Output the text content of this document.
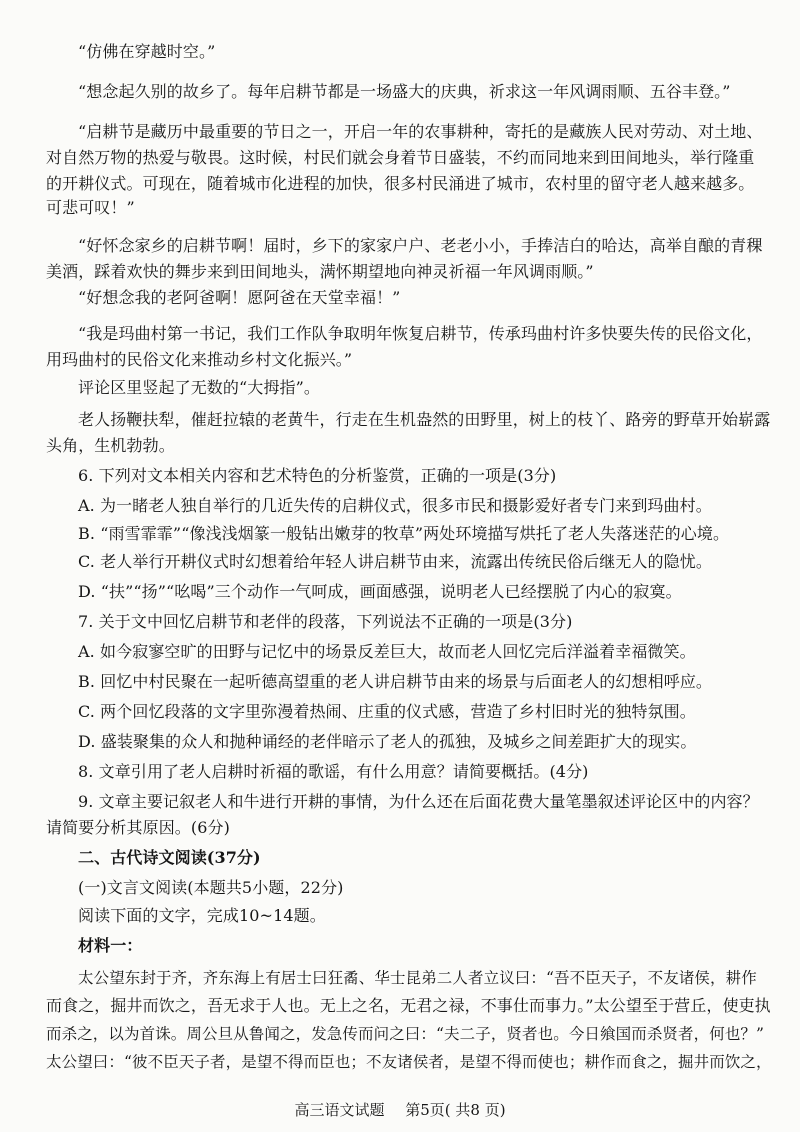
“仿佛在穿越时空。”
“想念起久别的故乡了。每年启耕节都是一场盛大的庆典，祈求这一年风调雨顺、五谷丰登。”
“启耕节是藏历中最重要的节日之一，开启一年的农事耕种，寄托的是藏族人民对劳动、对土地、
对自然万物的热爱与敬畏。这时候，村民们就会身着节日盛装，不约而同地来到田间地头，举行隆重
的开耕仪式。可现在，随着城市化进程的加快，很多村民涌进了城市，农村里的留守老人越来越多。
可悲可叹！”
“好怀念家乡的启耕节啊！届时，乡下的家家户户、老老小小，手捧洁白的哈达，高举自酿的青稞
美酒，踩着欢快的舞步来到田间地头，满怀期望地向神灵祈福一年风调雨顺。”
“好想念我的老阿爸啊！愿阿爸在天堂幸福！”
“我是玛曲村第一书记，我们工作队争取明年恢复启耕节，传承玛曲村许多快要失传的民俗文化，
用玛曲村的民俗文化来推动乡村文化振兴。”
评论区里竖起了无数的“大拇指”。
老人扬鞭扶犁，催赶拉辕的老黄牛，行走在生机盎然的田野里，树上的枝丫、路旁的野草开始崭露
头角，生机勃勃。
6. 下列对文本相关内容和艺术特色的分析鉴赏，正确的一项是(3分)
A. 为一睹老人独自举行的几近失传的启耕仪式，很多市民和摄影爱好者专门来到玛曲村。
B. “雨雪霏霏”“像浅浅烟篆一般钻出嫩芽的牧草”两处环境描写烘托了老人失落迷茫的心境。
C. 老人举行开耕仪式时幻想着给年轻人讲启耕节由来，流露出传统民俗后继无人的隐忧。
D. “扶”“扬”“吆喝”三个动作一气呵成，画面感强，说明老人已经摆脱了内心的寂寞。
7. 关于文中回忆启耕节和老伴的段落，下列说法不正确的一项是(3分)
A. 如今寂寥空旷的田野与记忆中的场景反差巨大，故而老人回忆完后洋溢着幸福微笑。
B. 回忆中村民聚在一起听德高望重的老人讲启耕节由来的场景与后面老人的幻想相呼应。
C. 两个回忆段落的文字里弥漫着热闹、庄重的仪式感，营造了乡村旧时光的独特氛围。
D. 盛装聚集的众人和抛种诵经的老伴暗示了老人的孤独，及城乡之间差距扩大的现实。
8. 文章引用了老人启耕时祈福的歌谣，有什么用意？请简要概括。(4分)
9. 文章主要记叙老人和牛进行开耕的事情，为什么还在后面花费大量笔墨叙述评论区中的内容？
请简要分析其原因。(6分)
二、古代诗文阅读(37分)
(一)文言文阅读(本题共5小题，22分)
阅读下面的文字，完成10~14题。
材料一：
太公望东封于齐，齐东海上有居士曰狂矞、华士昆弟二人者立议曰：“吾不臣天子，不友诸侯，耕作
而食之，掘井而饮之，吾无求于人也。无上之名，无君之禄，不事仕而事力。”太公望至于营丘，使吏执
而杀之，以为首诛。周公旦从鲁闻之，发急传而问之曰：“夫二子，贤者也。今日飨国而杀贤者，何也？”
太公望曰：“彼不臣天子者，是望不得而臣也；不友诸侯者，是望不得而使也；耕作而食之，掘井而饮之，
高三语文试题 第5页( 共8 页)
